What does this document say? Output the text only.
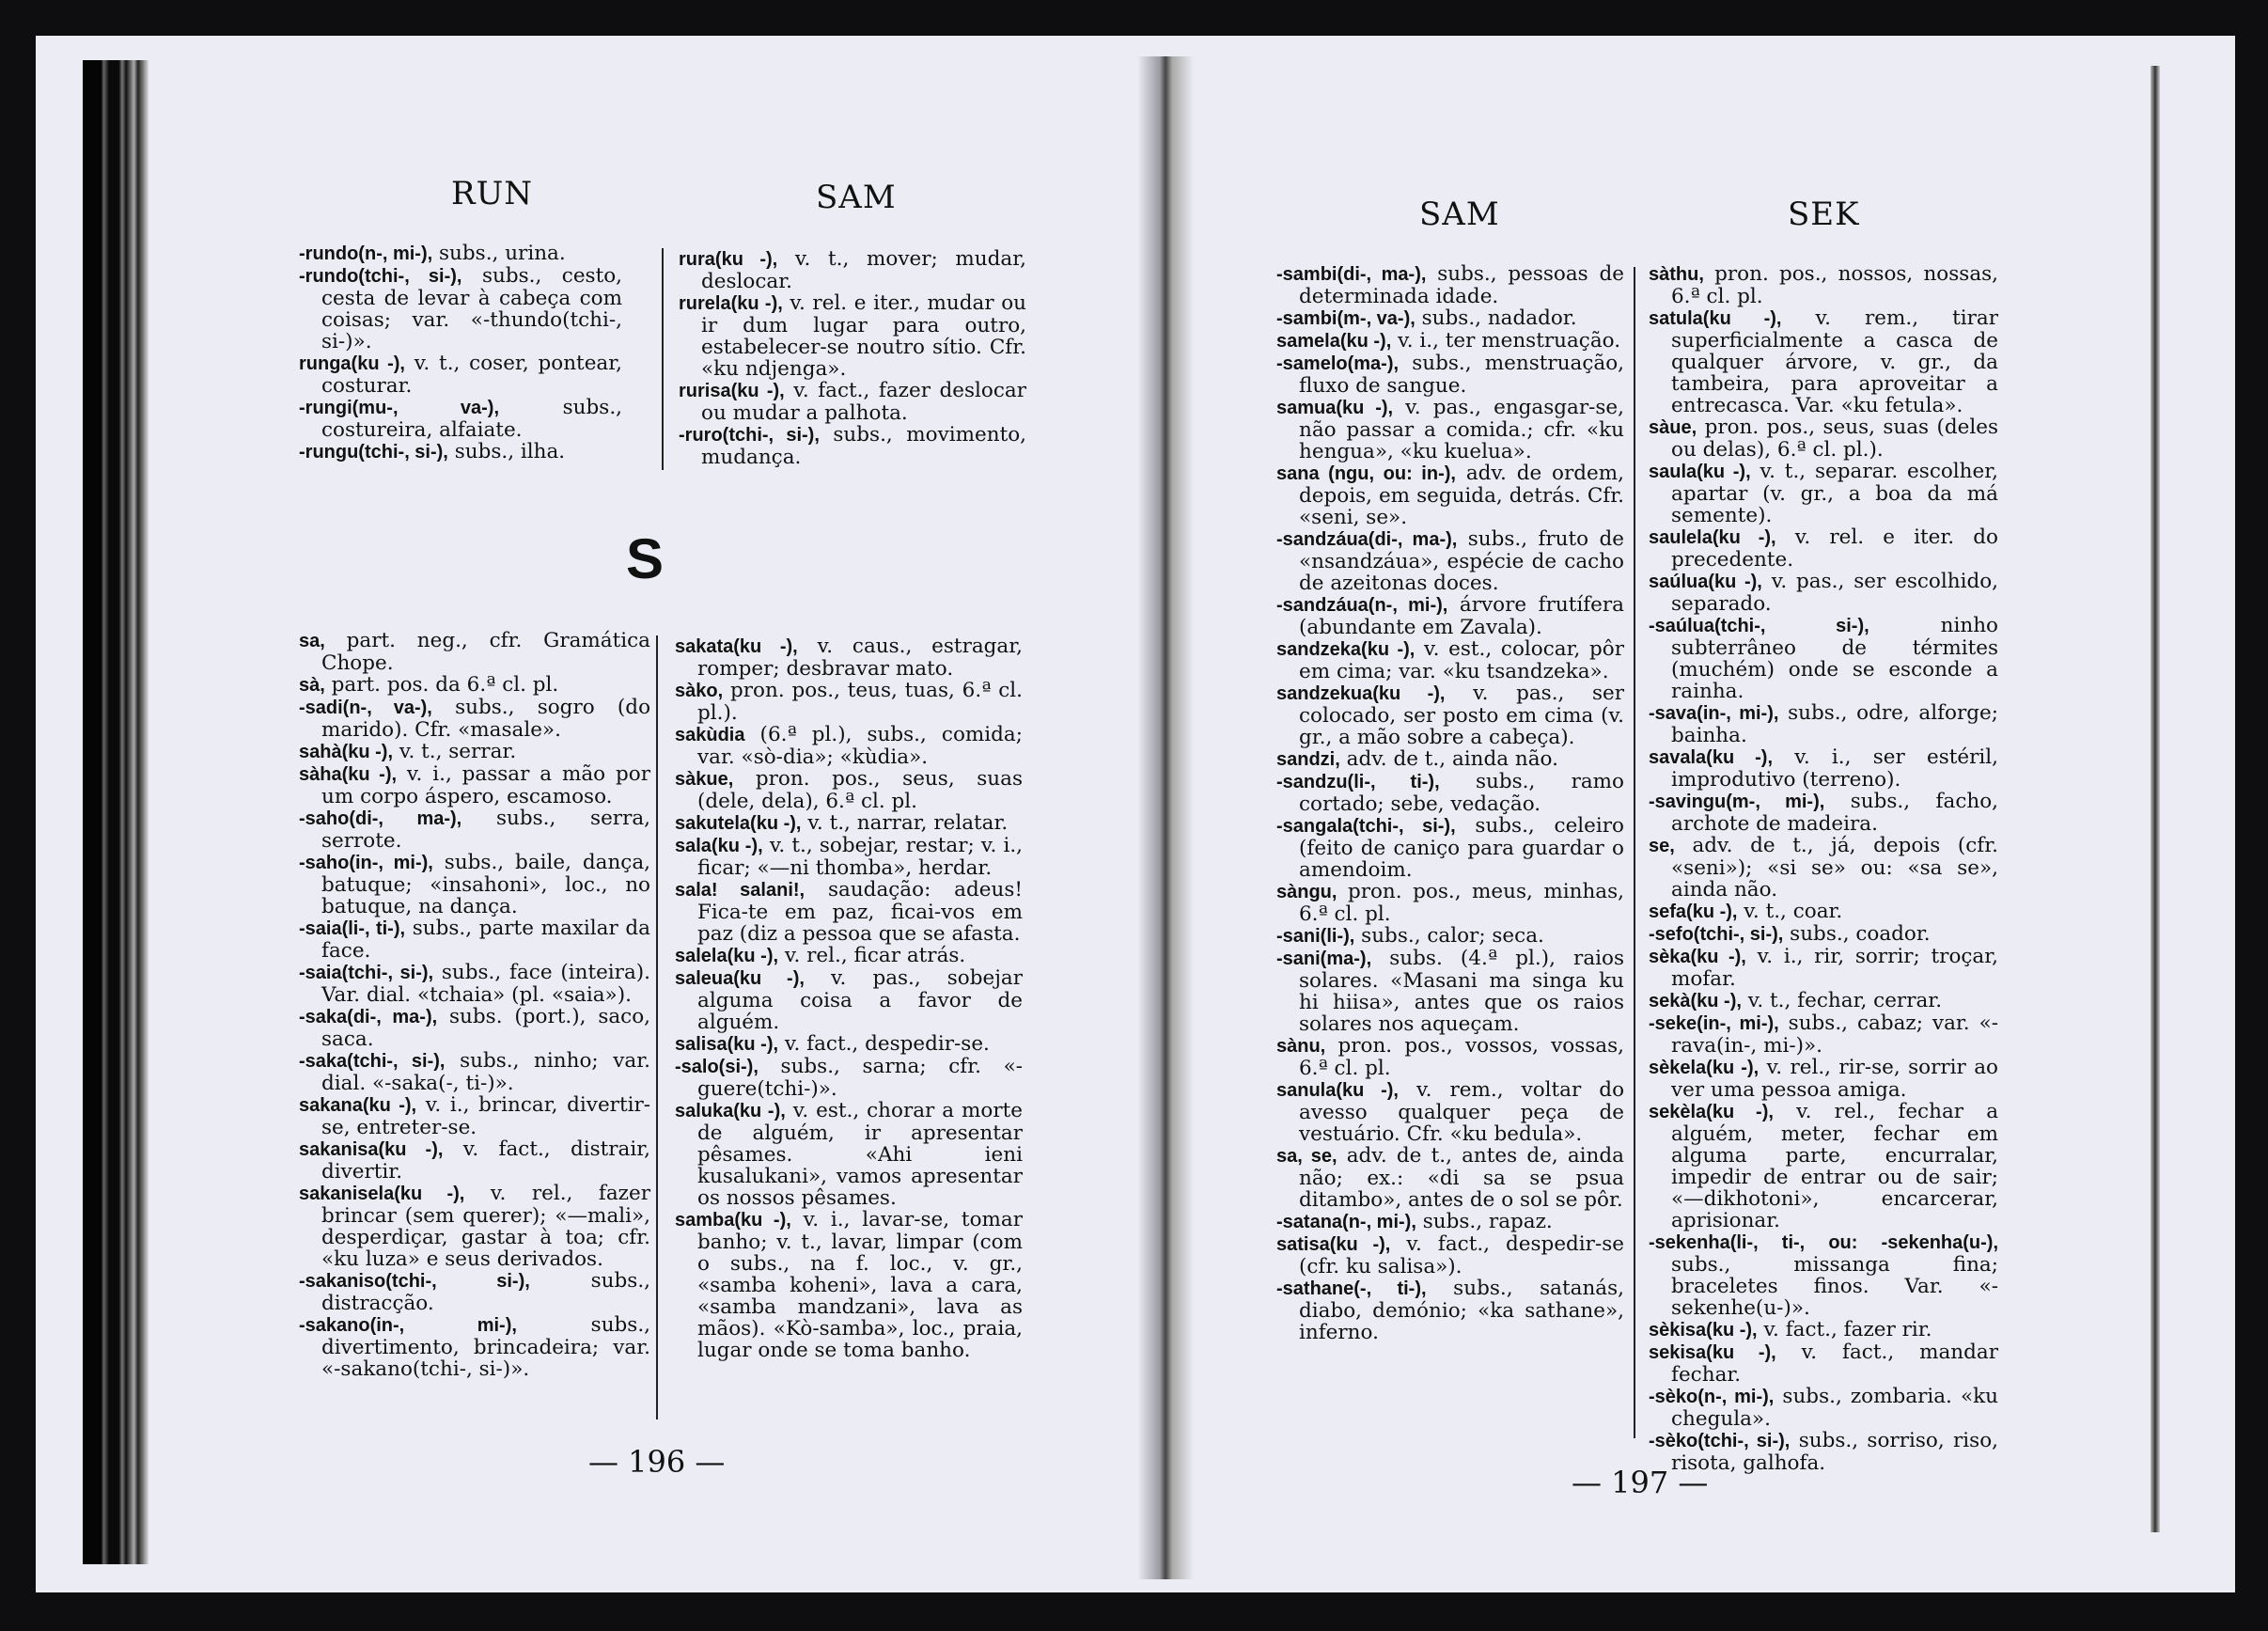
RUN	SAM
-rundo(n-, mi-), subs., urina.
-rundo(tchi-, si-), subs., cesto, cesta de levar à cabeça com coisas; var. «-thundo(tchi-, si-)».
runga(ku -), v. t., coser, pontear, costurar.
-rungi(mu-, va-), subs., costureira, alfaiate.
-rungu(tchi-, si-), subs., ilha.
rura(ku -), v. t., mover; mudar, deslocar.
rurela(ku -), v. rel. e iter., mudar ou ir dum lugar para outro, estabelecer-se noutro sítio. Cfr. «ku ndjenga».
rurisa(ku -), v. fact., fazer deslocar ou mudar a palhota.
-ruro(tchi-, si-), subs., movimento, mudança.
S
sa, part. neg., cfr. Gramática Chope.
sà, part. pos. da 6.ª cl. pl.
-sadi(n-, va-), subs., sogro (do marido). Cfr. «masale».
sahà(ku -), v. t., serrar.
sàha(ku -), v. i., passar a mão por um corpo áspero, escamoso.
-saho(di-, ma-), subs., serra, serrote.
-saho(in-, mi-), subs., baile, dança, batuque; «insahoni», loc., no batuque, na dança.
-saia(li-, ti-), subs., parte maxilar da face.
-saia(tchi-, si-), subs., face (inteira). Var. dial. «tchaia» (pl. «saia»).
-saka(di-, ma-), subs. (port.), saco, saca.
-saka(tchi-, si-), subs., ninho; var. dial. «-saka(-, ti-)».
sakana(ku -), v. i., brincar, divertir-se, entreter-se.
sakanisa(ku -), v. fact., distrair, divertir.
sakanisela(ku -), v. rel., fazer brincar (sem querer); «—mali», desperdiçar, gastar à toa; cfr. «ku luza» e seus derivados.
-sakaniso(tchi-, si-), subs., distracção.
-sakano(in-, mi-), subs., divertimento, brincadeira; var. «-sakano(tchi-, si-)».
sakata(ku -), v. caus., estragar, romper; desbravar mato.
sàko, pron. pos., teus, tuas, 6.ª cl. pl.).
sakùdia (6.ª pl.), subs., comida; var. «sò-dia»; «kùdia».
sàkue, pron. pos., seus, suas (dele, dela), 6.ª cl. pl.
sakutela(ku -), v. t., narrar, relatar.
sala(ku -), v. t., sobejar, restar; v. i., ficar; «—ni thomba», herdar.
sala! salani!, saudação: adeus! Fica-te em paz, ficai-vos em paz (diz a pessoa que se afasta.
salela(ku -), v. rel., ficar atrás.
saleua(ku -), v. pas., sobejar alguma coisa a favor de alguém.
salisa(ku -), v. fact., despedir-se.
-salo(si-), subs., sarna; cfr. «-guere(tchi-)».
saluka(ku -), v. est., chorar a morte de alguém, ir apresentar pêsames. «Ahi ieni kusalukani», vamos apresentar os nossos pêsames.
samba(ku -), v. i., lavar-se, tomar banho; v. t., lavar, limpar (com o subs., na f. loc., v. gr., «samba koheni», lava a cara, «samba mandzani», lava as mãos). «Kò-samba», loc., praia, lugar onde se toma banho.
— 196 —
SAM	SEK
-sambi(di-, ma-), subs., pessoas de determinada idade.
-sambi(m-, va-), subs., nadador.
samela(ku -), v. i., ter menstruação.
-samelo(ma-), subs., menstruação, fluxo de sangue.
samua(ku -), v. pas., engasgar-se, não passar a comida.; cfr. «ku henguа», «ku kuelua».
sana (ngu, ou: in-), adv. de ordem, depois, em seguida, detrás. Cfr. «seni, se».
-sandzáua(di-, ma-), subs., fruto de «nsandzáua», espécie de cacho de azeitonas doces.
-sandzáua(n-, mi-), árvore frutífera (abundante em Zavala).
sandzeka(ku -), v. est., colocar, pôr em cima; var. «ku tsandzeka».
sandzekua(ku -), v. pas., ser colocado, ser posto em cima (v. gr., a mão sobre a cabeça).
sandzi, adv. de t., ainda não.
-sandzu(li-, ti-), subs., ramo cortado; sebe, vedação.
-sangala(tchi-, si-), subs., celeiro (feito de caniço para guardar o amendoim.
sàngu, pron. pos., meus, minhas, 6.ª cl. pl.
-sani(li-), subs., calor; seca.
-sani(ma-), subs. (4.ª pl.), raios solares. «Masani ma singa ku hi hiisa», antes que os raios solares nos aqueçam.
sànu, pron. pos., vossos, vossas, 6.ª cl. pl.
sanula(ku -), v. rem., voltar do avesso qualquer peça de vestuário. Cfr. «ku bedula».
sa, se, adv. de t., antes de, ainda não; ex.: «di sa se psua ditambo», antes de o sol se pôr.
-satana(n-, mi-), subs., rapaz.
satisa(ku -), v. fact., despedir-se (cfr. ku salisa»).
-sathane(-, ti-), subs., satanás, diabo, demónio; «ka sathane», inferno.
sàthu, pron. pos., nossos, nossas, 6.ª cl. pl.
satula(ku -), v. rem., tirar superficialmente a casca de qualquer árvore, v. gr., da tambeira, para aproveitar a entrecasca. Var. «ku fetula».
sàue, pron. pos., seus, suas (deles ou delas), 6.ª cl. pl.).
saula(ku -), v. t., separar. escolher, apartar (v. gr., a boa da má semente).
saulela(ku -), v. rel. e iter. do precedente.
saúlua(ku -), v. pas., ser escolhido, separado.
-saúlua(tchi-, si-), ninho subterrâneo de térmites (muchém) onde se esconde a rainha.
-sava(in-, mi-), subs., odre, alforge; bainha.
savala(ku -), v. i., ser estéril, improdutivo (terreno).
-savingu(m-, mi-), subs., facho, archote de madeira.
se, adv. de t., já, depois (cfr. «seni»); «si se» ou: «sa se», ainda não.
sefa(ku -), v. t., coar.
-sefo(tchi-, si-), subs., coador.
sèka(ku -), v. i., rir, sorrir; troçar, mofar.
sekà(ku -), v. t., fechar, cerrar.
-seke(in-, mi-), subs., cabaz; var. «-rava(in-, mi-)».
sèkela(ku -), v. rel., rir-se, sorrir ao ver uma pessoa amiga.
sekèla(ku -), v. rel., fechar a alguém, meter, fechar em alguma parte, encurralar, impedir de entrar ou de sair; «—dikhotoni», encarcerar, aprisionar.
-sekenha(li-, ti-, ou: -sekenha(u-), subs., missanga fina; braceletes finos. Var. «-sekenhe(u-)».
sèkisa(ku -), v. fact., fazer rir.
sekisa(ku -), v. fact., mandar fechar.
-sèko(n-, mi-), subs., zombaria. «ku chegula».
-sèko(tchi-, si-), subs., sorriso, riso, risota, galhofa.
— 197 —
